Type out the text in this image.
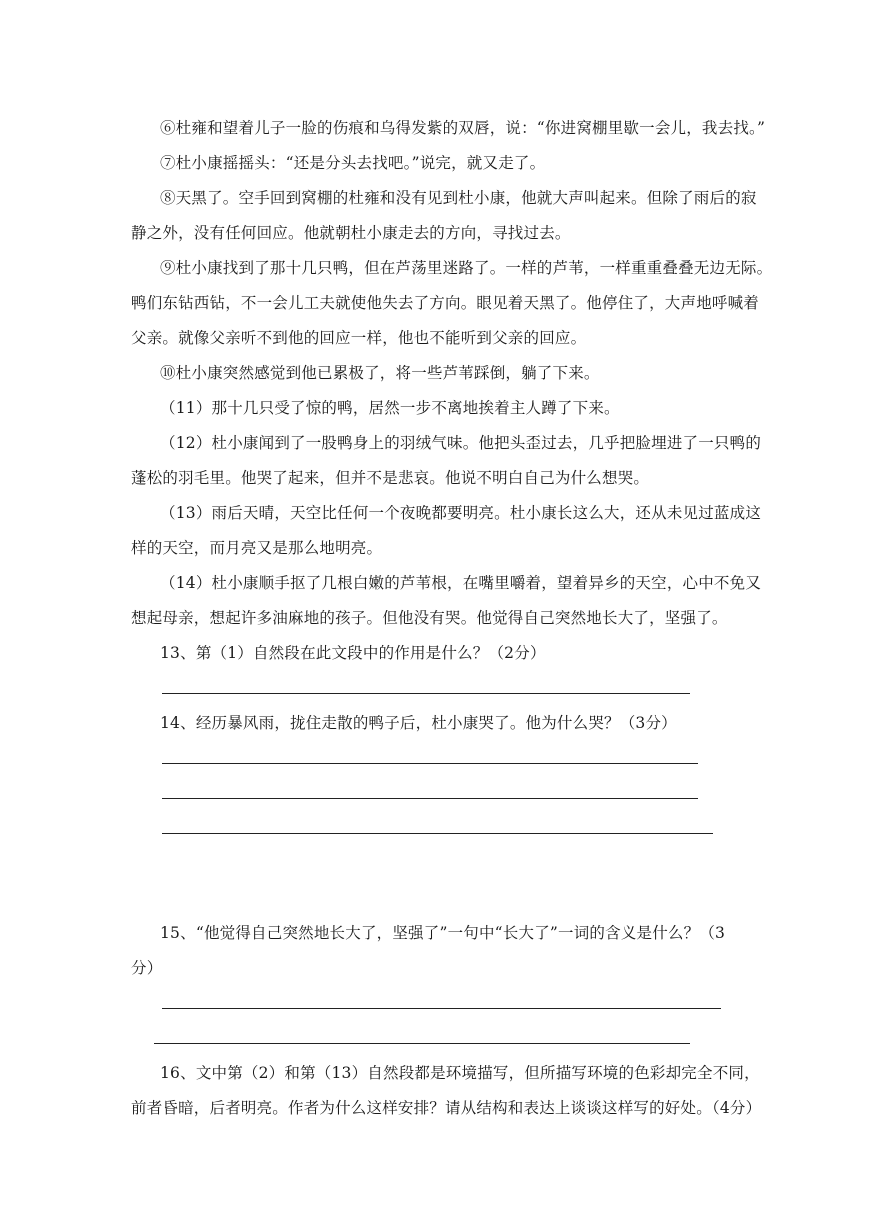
⑥杜雍和望着儿子一脸的伤痕和乌得发紫的双唇，说：“你进窝棚里歇一会儿，我去找。”
⑦杜小康摇摇头：“还是分头去找吧。”说完，就又走了。
⑧天黑了。空手回到窝棚的杜雍和没有见到杜小康，他就大声叫起来。但除了雨后的寂
静之外，没有任何回应。他就朝杜小康走去的方向，寻找过去。
⑨杜小康找到了那十几只鸭，但在芦荡里迷路了。一样的芦苇，一样重重叠叠无边无际。
鸭们东钻西钻，不一会儿工夫就使他失去了方向。眼见着天黑了。他停住了，大声地呼喊着
父亲。就像父亲听不到他的回应一样，他也不能听到父亲的回应。
⑩杜小康突然感觉到他已累极了，将一些芦苇踩倒，躺了下来。
（11）那十几只受了惊的鸭，居然一步不离地挨着主人蹲了下来。
（12）杜小康闻到了一股鸭身上的羽绒气味。他把头歪过去，几乎把脸埋进了一只鸭的
蓬松的羽毛里。他哭了起来，但并不是悲哀。他说不明白自己为什么想哭。
（13）雨后天晴，天空比任何一个夜晚都要明亮。杜小康长这么大，还从未见过蓝成这
样的天空，而月亮又是那么地明亮。
（14）杜小康顺手抠了几根白嫩的芦苇根，在嘴里嚼着，望着异乡的天空，心中不免又
想起母亲，想起许多油麻地的孩子。但他没有哭。他觉得自己突然地长大了，坚强了。
13、第（1）自然段在此文段中的作用是什么？（2分）
14、经历暴风雨，拢住走散的鸭子后，杜小康哭了。他为什么哭？（3分）
15、“他觉得自己突然地长大了，坚强了”一句中“长大了”一词的含义是什么？（3
分）
16、文中第（2）和第（13）自然段都是环境描写，但所描写环境的色彩却完全不同，
前者昏暗，后者明亮。作者为什么这样安排？请从结构和表达上谈谈这样写的好处。（4分）
